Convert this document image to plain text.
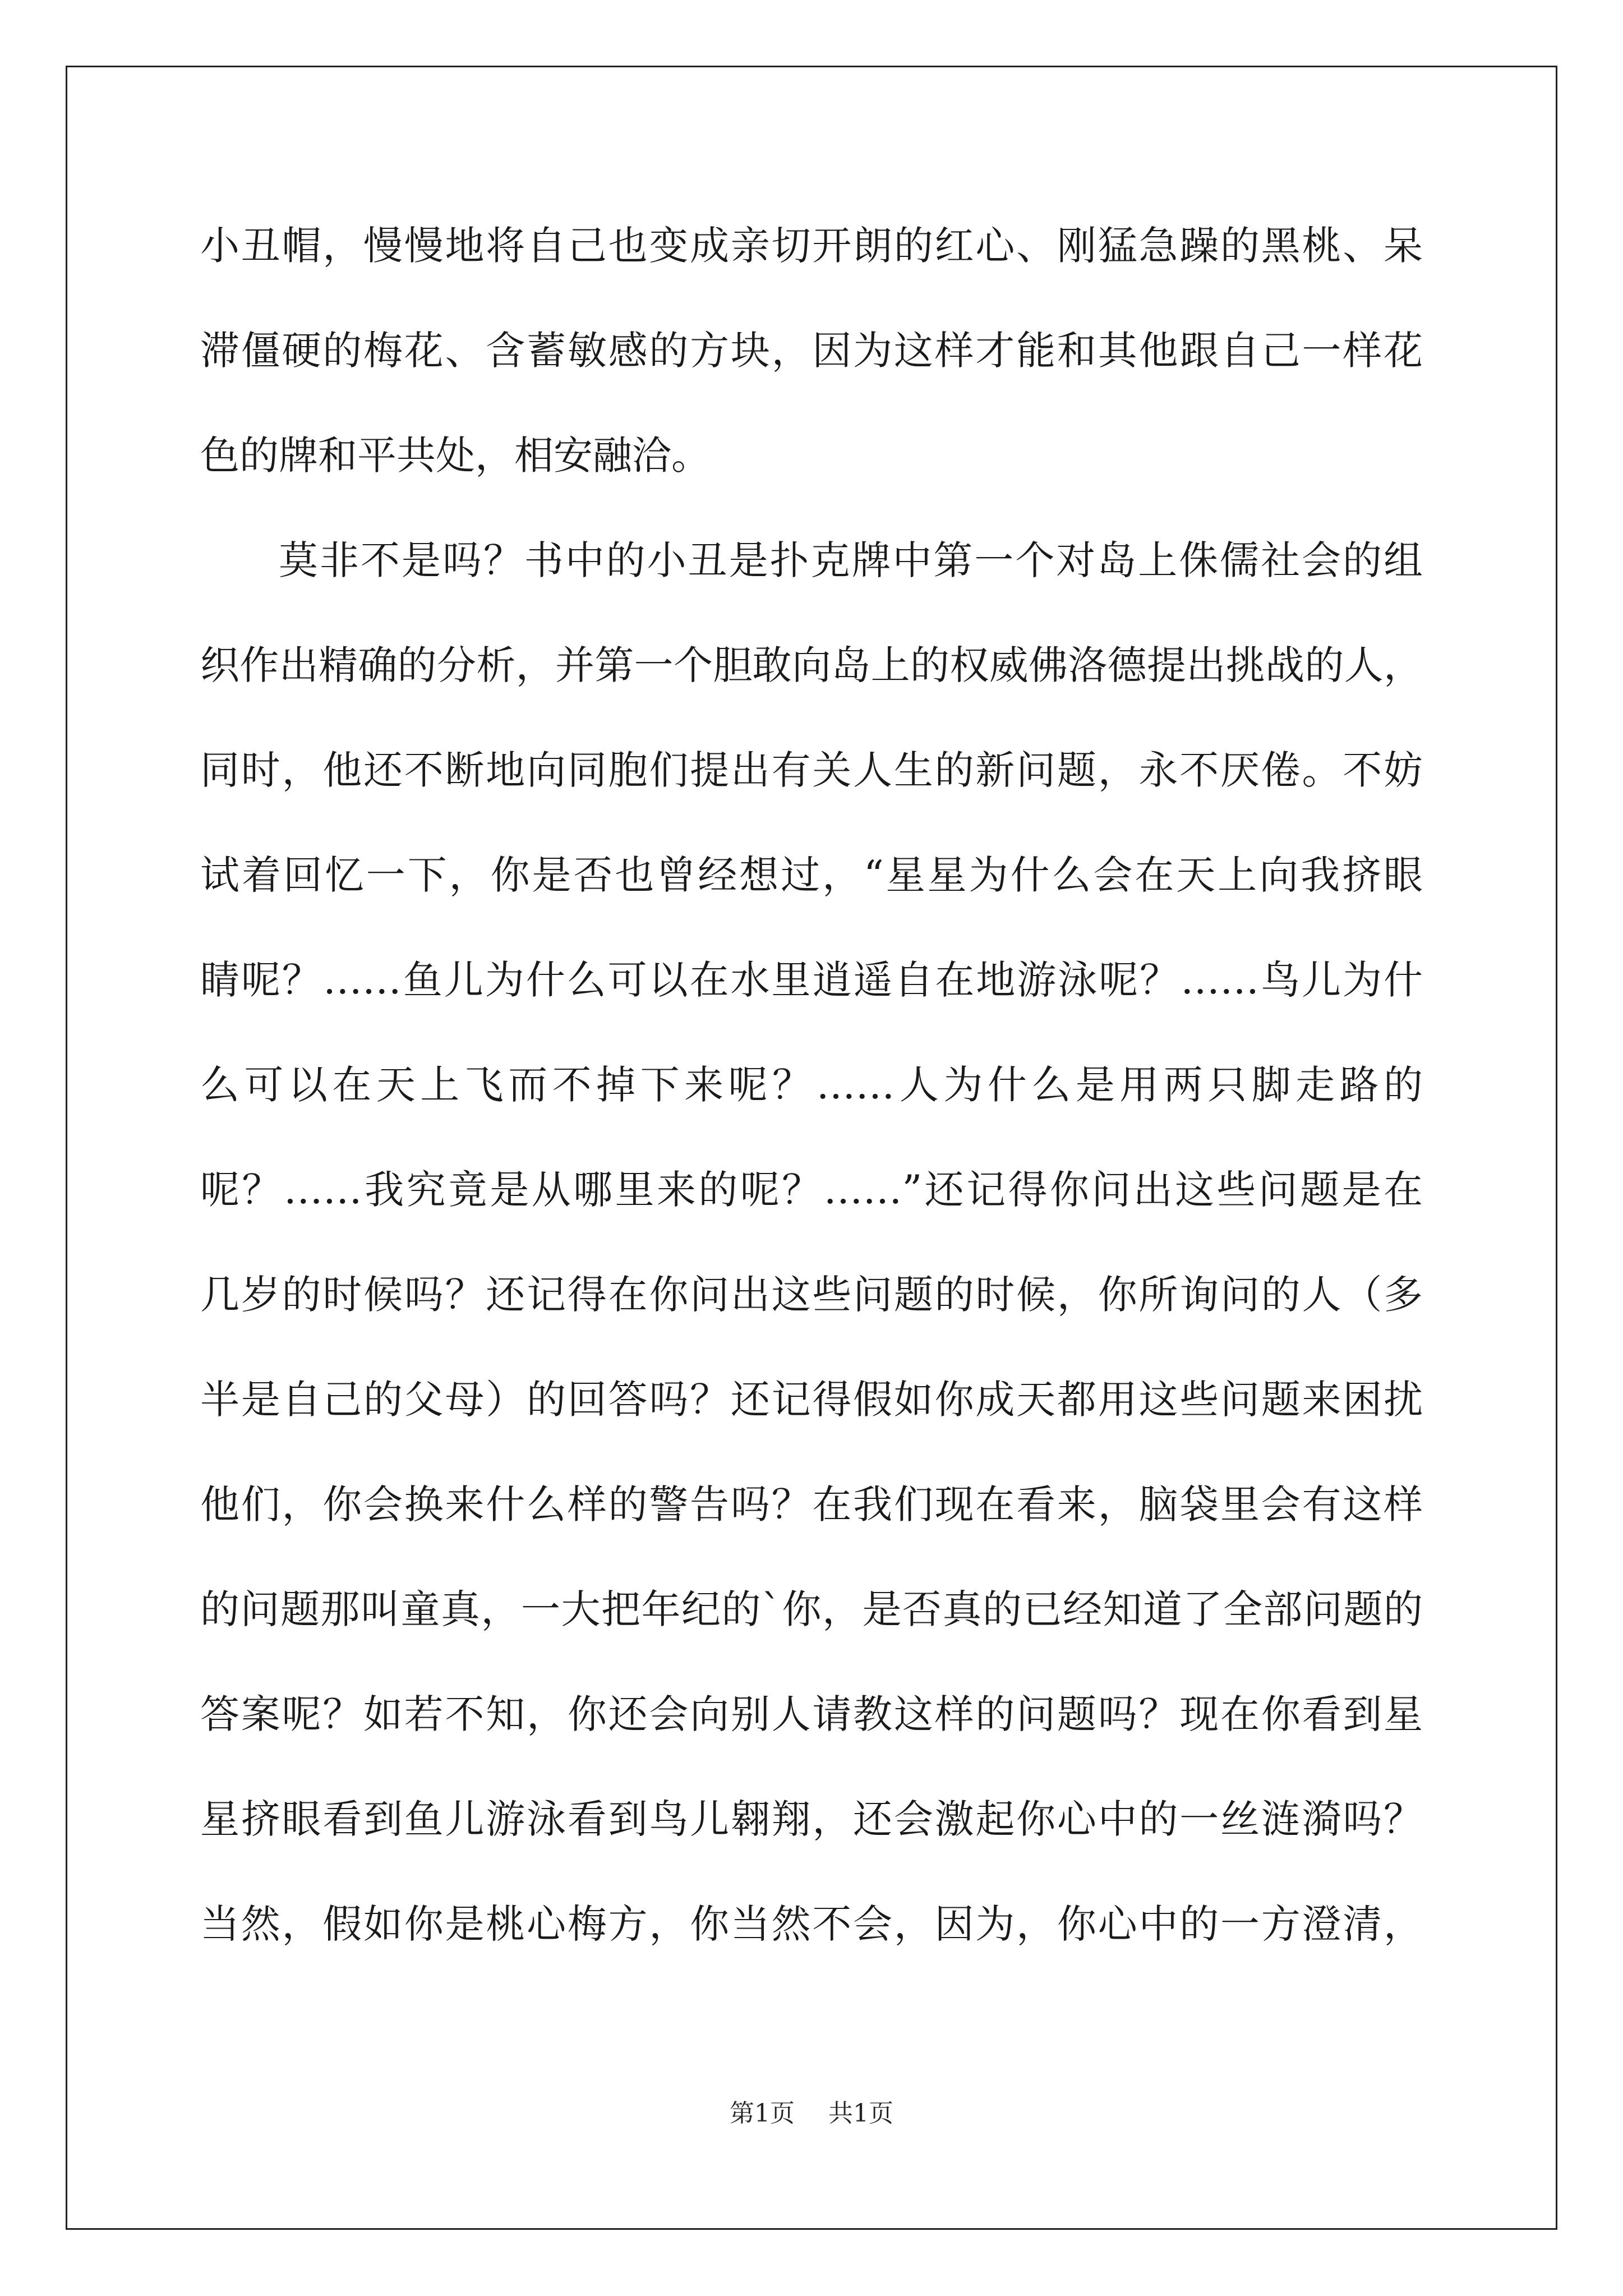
小丑帽，慢慢地将自己也变成亲切开朗的红心、刚猛急躁的黑桃、呆
滞僵硬的梅花、含蓄敏感的方块，因为这样才能和其他跟自己一样花
色的牌和平共处，相安融洽。
莫非不是吗？书中的小丑是扑克牌中第一个对岛上侏儒社会的组
织作出精确的分析，并第一个胆敢向岛上的权威佛洛德提出挑战的人，
同时，他还不断地向同胞们提出有关人生的新问题，永不厌倦。不妨
试着回忆一下，你是否也曾经想过，“星星为什么会在天上向我挤眼
睛呢？……鱼儿为什么可以在水里逍遥自在地游泳呢？……鸟儿为什
么可以在天上飞而不掉下来呢？……人为什么是用两只脚走路的
呢？……我究竟是从哪里来的呢？……”还记得你问出这些问题是在
几岁的时候吗？还记得在你问出这些问题的时候，你所询问的人（多
半是自己的父母）的回答吗？还记得假如你成天都用这些问题来困扰
他们，你会换来什么样的警告吗？在我们现在看来，脑袋里会有这样
的问题那叫童真，一大把年纪的`你，是否真的已经知道了全部问题的
答案呢？如若不知，你还会向别人请教这样的问题吗？现在你看到星
星挤眼看到鱼儿游泳看到鸟儿翱翔，还会激起你心中的一丝涟漪吗？
当然，假如你是桃心梅方，你当然不会，因为，你心中的一方澄清，
第1页 共1页
